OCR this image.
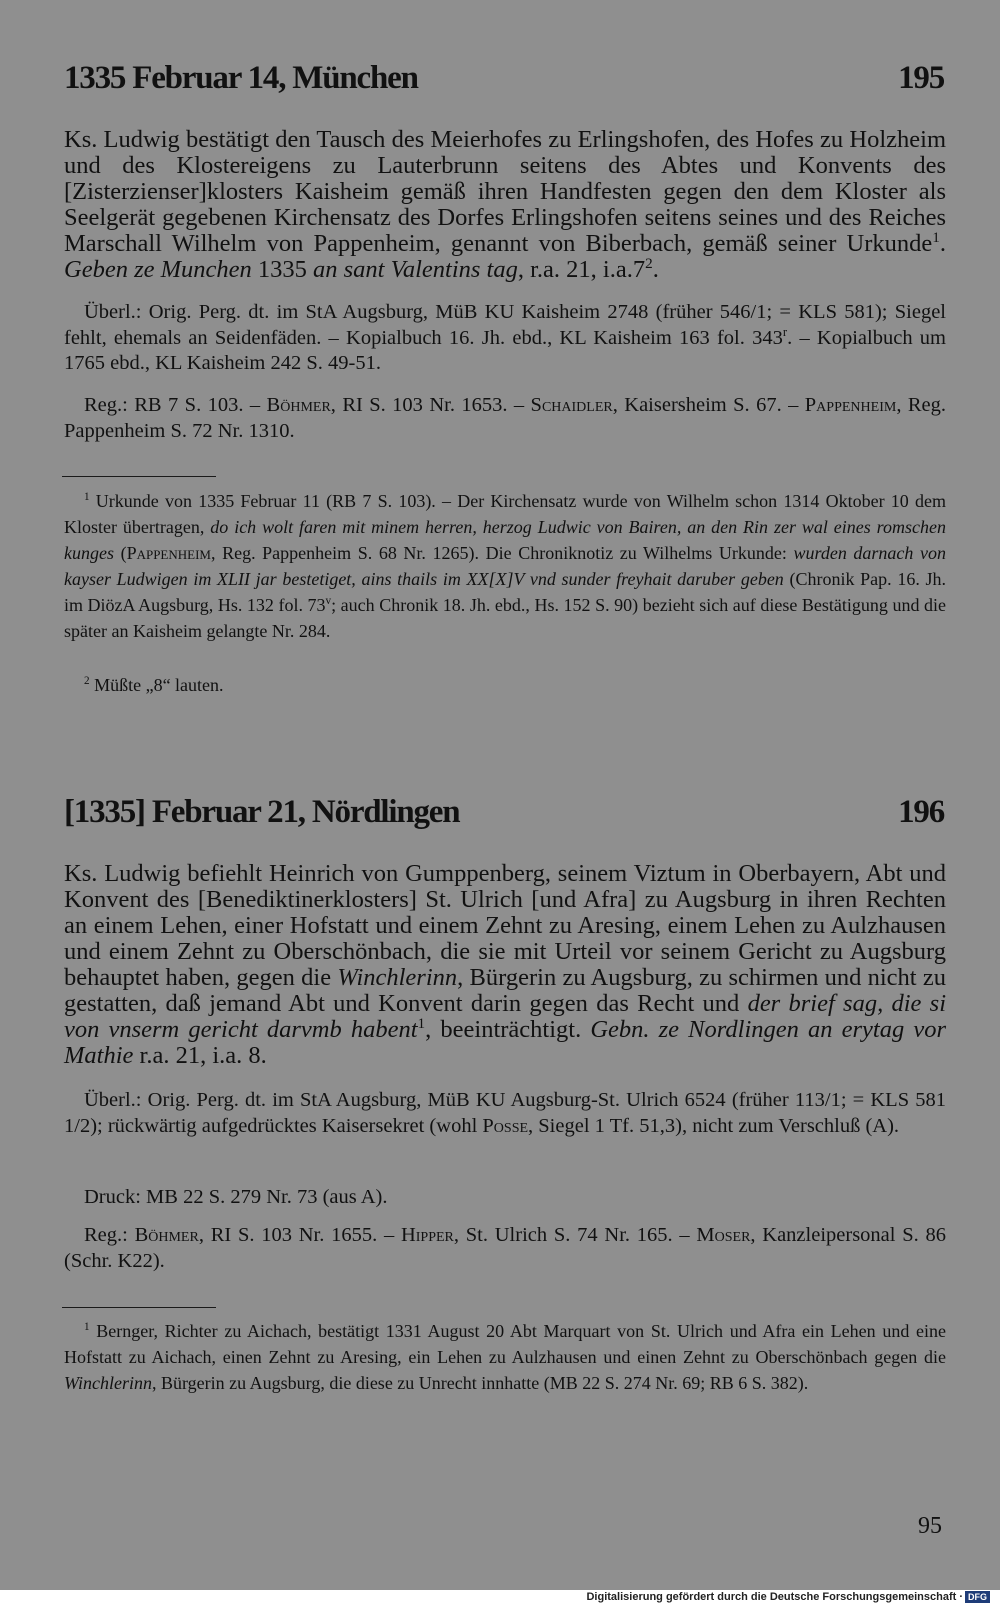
1335 Februar 14, München	195

Ks. Ludwig bestätigt den Tausch des Meierhofes zu Erlingshofen, des Hofes zu Holzheim und des Klostereigens zu Lauterbrunn seitens des Abtes und Konvents des [Zisterzienser]klosters Kaisheim gemäß ihren Handfesten gegen den dem Kloster als Seelgerät gegebenen Kirchensatz des Dorfes Erlingshofen seitens seines und des Reiches Marschall Wilhelm von Pappenheim, genannt von Biberbach, gemäß seiner Urkunde$^1$. Geben ze Munchen 1335 an sant Valentins tag, r.a. 21, $i.a.7^2$.

Überl.: Orig. Perg. dt. im StA Augsburg, MüB KU Kaisheim 2748 (früher 546/1; = KLS 581); Siegel fehlt, ehemals an Seidenfäden. – Kopialbuch 16. Jh. ebd., KL Kaisheim 163 fol. 343$^r$. – Kopialbuch um 1765 ebd., KL Kaisheim 242 S. 49-51.

Reg.: RB 7 S. 103. – Böhmer, RI S. 103 Nr. 1653. – Schaidler, Kaisersheim S. 67. – Pappenheim, Reg. Pappenheim S. 72 Nr. 1310.

$^1$ Urkunde von 1335 Februar 11 (RB 7 S. 103). – Der Kirchensatz wurde von Wilhelm schon 1314 Oktober 10 dem Kloster übertragen, do ich wolt faren mit minem herren, herzog Ludwic von Bairen, an den Rin zer wal eines romschen kunges (Pappenheim, Reg. Pappenheim S. 68 Nr. 1265). Die Chroniknotiz zu Wilhelms Urkunde: wurden darnach von kayser Ludwigen im XLII jar bestetiget, ains thails im XX[X]V vnd sunder freyhait daruber geben (Chronik Pap. 16. Jh. im DiözA Augsburg, Hs. 132 fol. 73$^v$; auch Chronik 18. Jh. ebd., Hs. 152 S. 90) bezieht sich auf diese Bestätigung und die später an Kaisheim gelangte Nr. 284.

$^2$ Müßte „8“ lauten.

[1335] Februar 21, Nördlingen	196

Ks. Ludwig befiehlt Heinrich von Gumppenberg, seinem Viztum in Oberbayern, Abt und Konvent des [Benediktinerklosters] St. Ulrich [und Afra] zu Augsburg in ihren Rechten an einem Lehen, einer Hofstatt und einem Zehnt zu Aresing, einem Lehen zu Aulzhausen und einem Zehnt zu Oberschönbach, die sie mit Urteil vor seinem Gericht zu Augsburg behauptet haben, gegen die Winchlerinn, Bürgerin zu Augsburg, zu schirmen und nicht zu gestatten, daß jemand Abt und Konvent darin gegen das Recht und der brief sag, die si von vnserm gericht darvmb habent$^1$, beeinträchtigt. Gebn. ze Nordlingen an erytag vor Mathie r.a. 21, i.a. 8.

Überl.: Orig. Perg. dt. im StA Augsburg, MüB KU Augsburg-St. Ulrich 6524 (früher 113/1; = KLS 581 1/2); rückwärtig aufgedrücktes Kaisersekret (wohl Posse, Siegel 1 Tf. 51,3), nicht zum Verschluß (A).

Druck: MB 22 S. 279 Nr. 73 (aus A).

Reg.: Böhmer, RI S. 103 Nr. 1655. – Hipper, St. Ulrich S. 74 Nr. 165. – Moser, Kanzleipersonal S. 86 (Schr. K22).

$^1$ Bernger, Richter zu Aichach, bestätigt 1331 August 20 Abt Marquart von St. Ulrich und Afra ein Lehen und eine Hofstatt zu Aichach, einen Zehnt zu Aresing, ein Lehen zu Aulzhausen und einen Zehnt zu Oberschönbach gegen die Winchlerinn, Bürgerin zu Augsburg, die diese zu Unrecht innhatte (MB 22 S. 274 Nr. 69; RB 6 S. 382).

95
Digitalisierung gefördert durch die Deutsche Forschungsgemeinschaft · DFG
